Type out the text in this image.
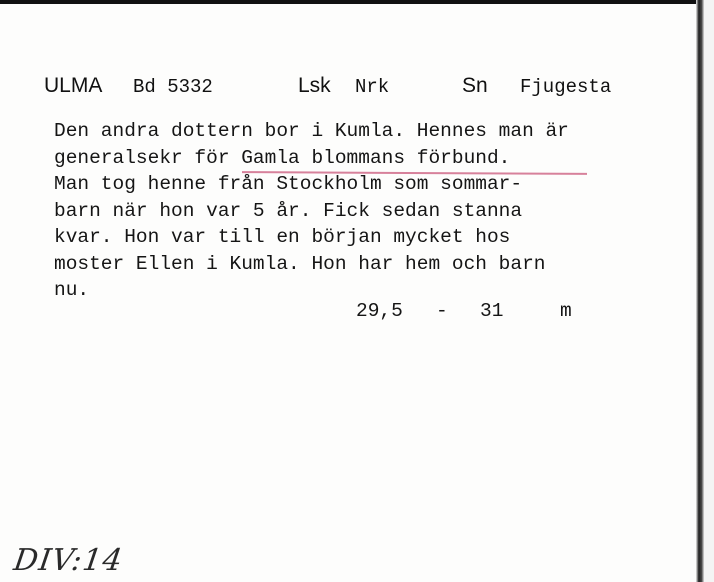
ULMA Bd 5332	Lsk Nrk	Sn Fjugesta
Den andra dottern bor i Kumla. Hennes man är
generalsekr för Gamla blommans förbund.
Man tog henne från Stockholm som sommar-
barn när hon var 5 år. Fick sedan stanna
kvar. Hon var till en början mycket hos
moster Ellen i Kumla. Hon har hem och barn
nu.
29,5 - 31	m
DIV:14
